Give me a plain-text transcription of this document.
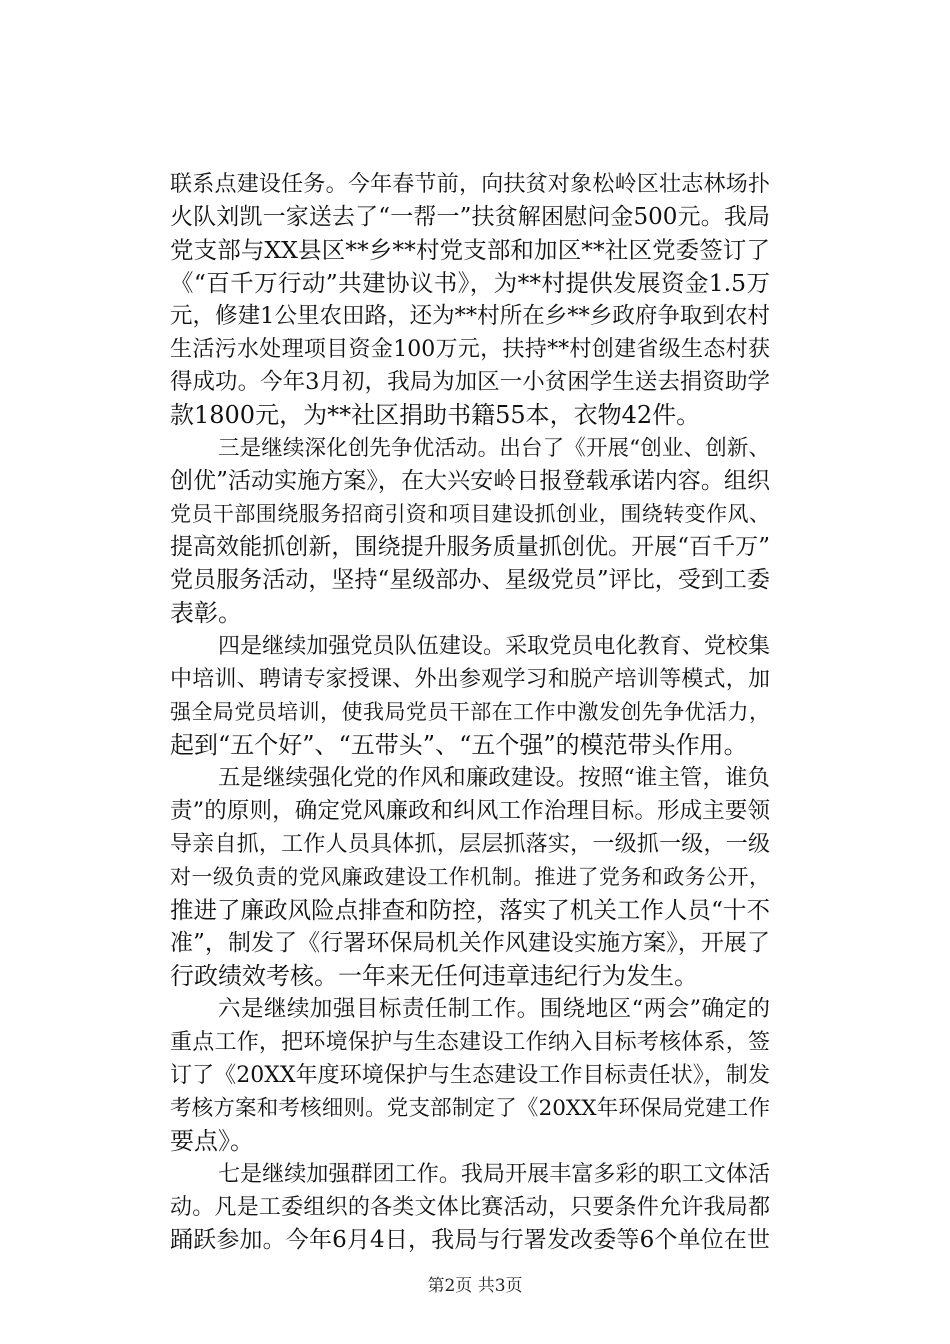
联系点建设任务。今年春节前，向扶贫对象松岭区壮志林场扑
火队刘凯一家送去了“一帮一”扶贫解困慰问金500元。我局
党支部与XX县区**乡**村党支部和加区**社区党委签订了
《“百千万行动”共建协议书》，为**村提供发展资金1.5万
元，修建1公里农田路，还为**村所在乡**乡政府争取到农村
生活污水处理项目资金100万元，扶持**村创建省级生态村获
得成功。今年3月初，我局为加区一小贫困学生送去捐资助学
款1800元，为**社区捐助书籍55本，衣物42件。
三是继续深化创先争优活动。出台了《开展“创业、创新、
创优”活动实施方案》，在大兴安岭日报登载承诺内容。组织
党员干部围绕服务招商引资和项目建设抓创业，围绕转变作风、
提高效能抓创新，围绕提升服务质量抓创优。开展“百千万”
党员服务活动，坚持“星级部办、星级党员”评比，受到工委
表彰。
四是继续加强党员队伍建设。采取党员电化教育、党校集
中培训、聘请专家授课、外出参观学习和脱产培训等模式，加
强全局党员培训，使我局党员干部在工作中激发创先争优活力，
起到“五个好”、“五带头”、“五个强”的模范带头作用。
五是继续强化党的作风和廉政建设。按照“谁主管，谁负
责”的原则，确定党风廉政和纠风工作治理目标。形成主要领
导亲自抓，工作人员具体抓，层层抓落实，一级抓一级，一级
对一级负责的党风廉政建设工作机制。推进了党务和政务公开，
推进了廉政风险点排查和防控，落实了机关工作人员“十不
准”，制发了《行署环保局机关作风建设实施方案》，开展了
行政绩效考核。一年来无任何违章违纪行为发生。
六是继续加强目标责任制工作。围绕地区“两会”确定的
重点工作，把环境保护与生态建设工作纳入目标考核体系，签
订了《20XX年度环境保护与生态建设工作目标责任状》，制发
考核方案和考核细则。党支部制定了《20XX年环保局党建工作
要点》。
七是继续加强群团工作。我局开展丰富多彩的职工文体活
动。凡是工委组织的各类文体比赛活动，只要条件允许我局都
踊跃参加。今年6月4日，我局与行署发改委等6个单位在世
第2页 共3页
